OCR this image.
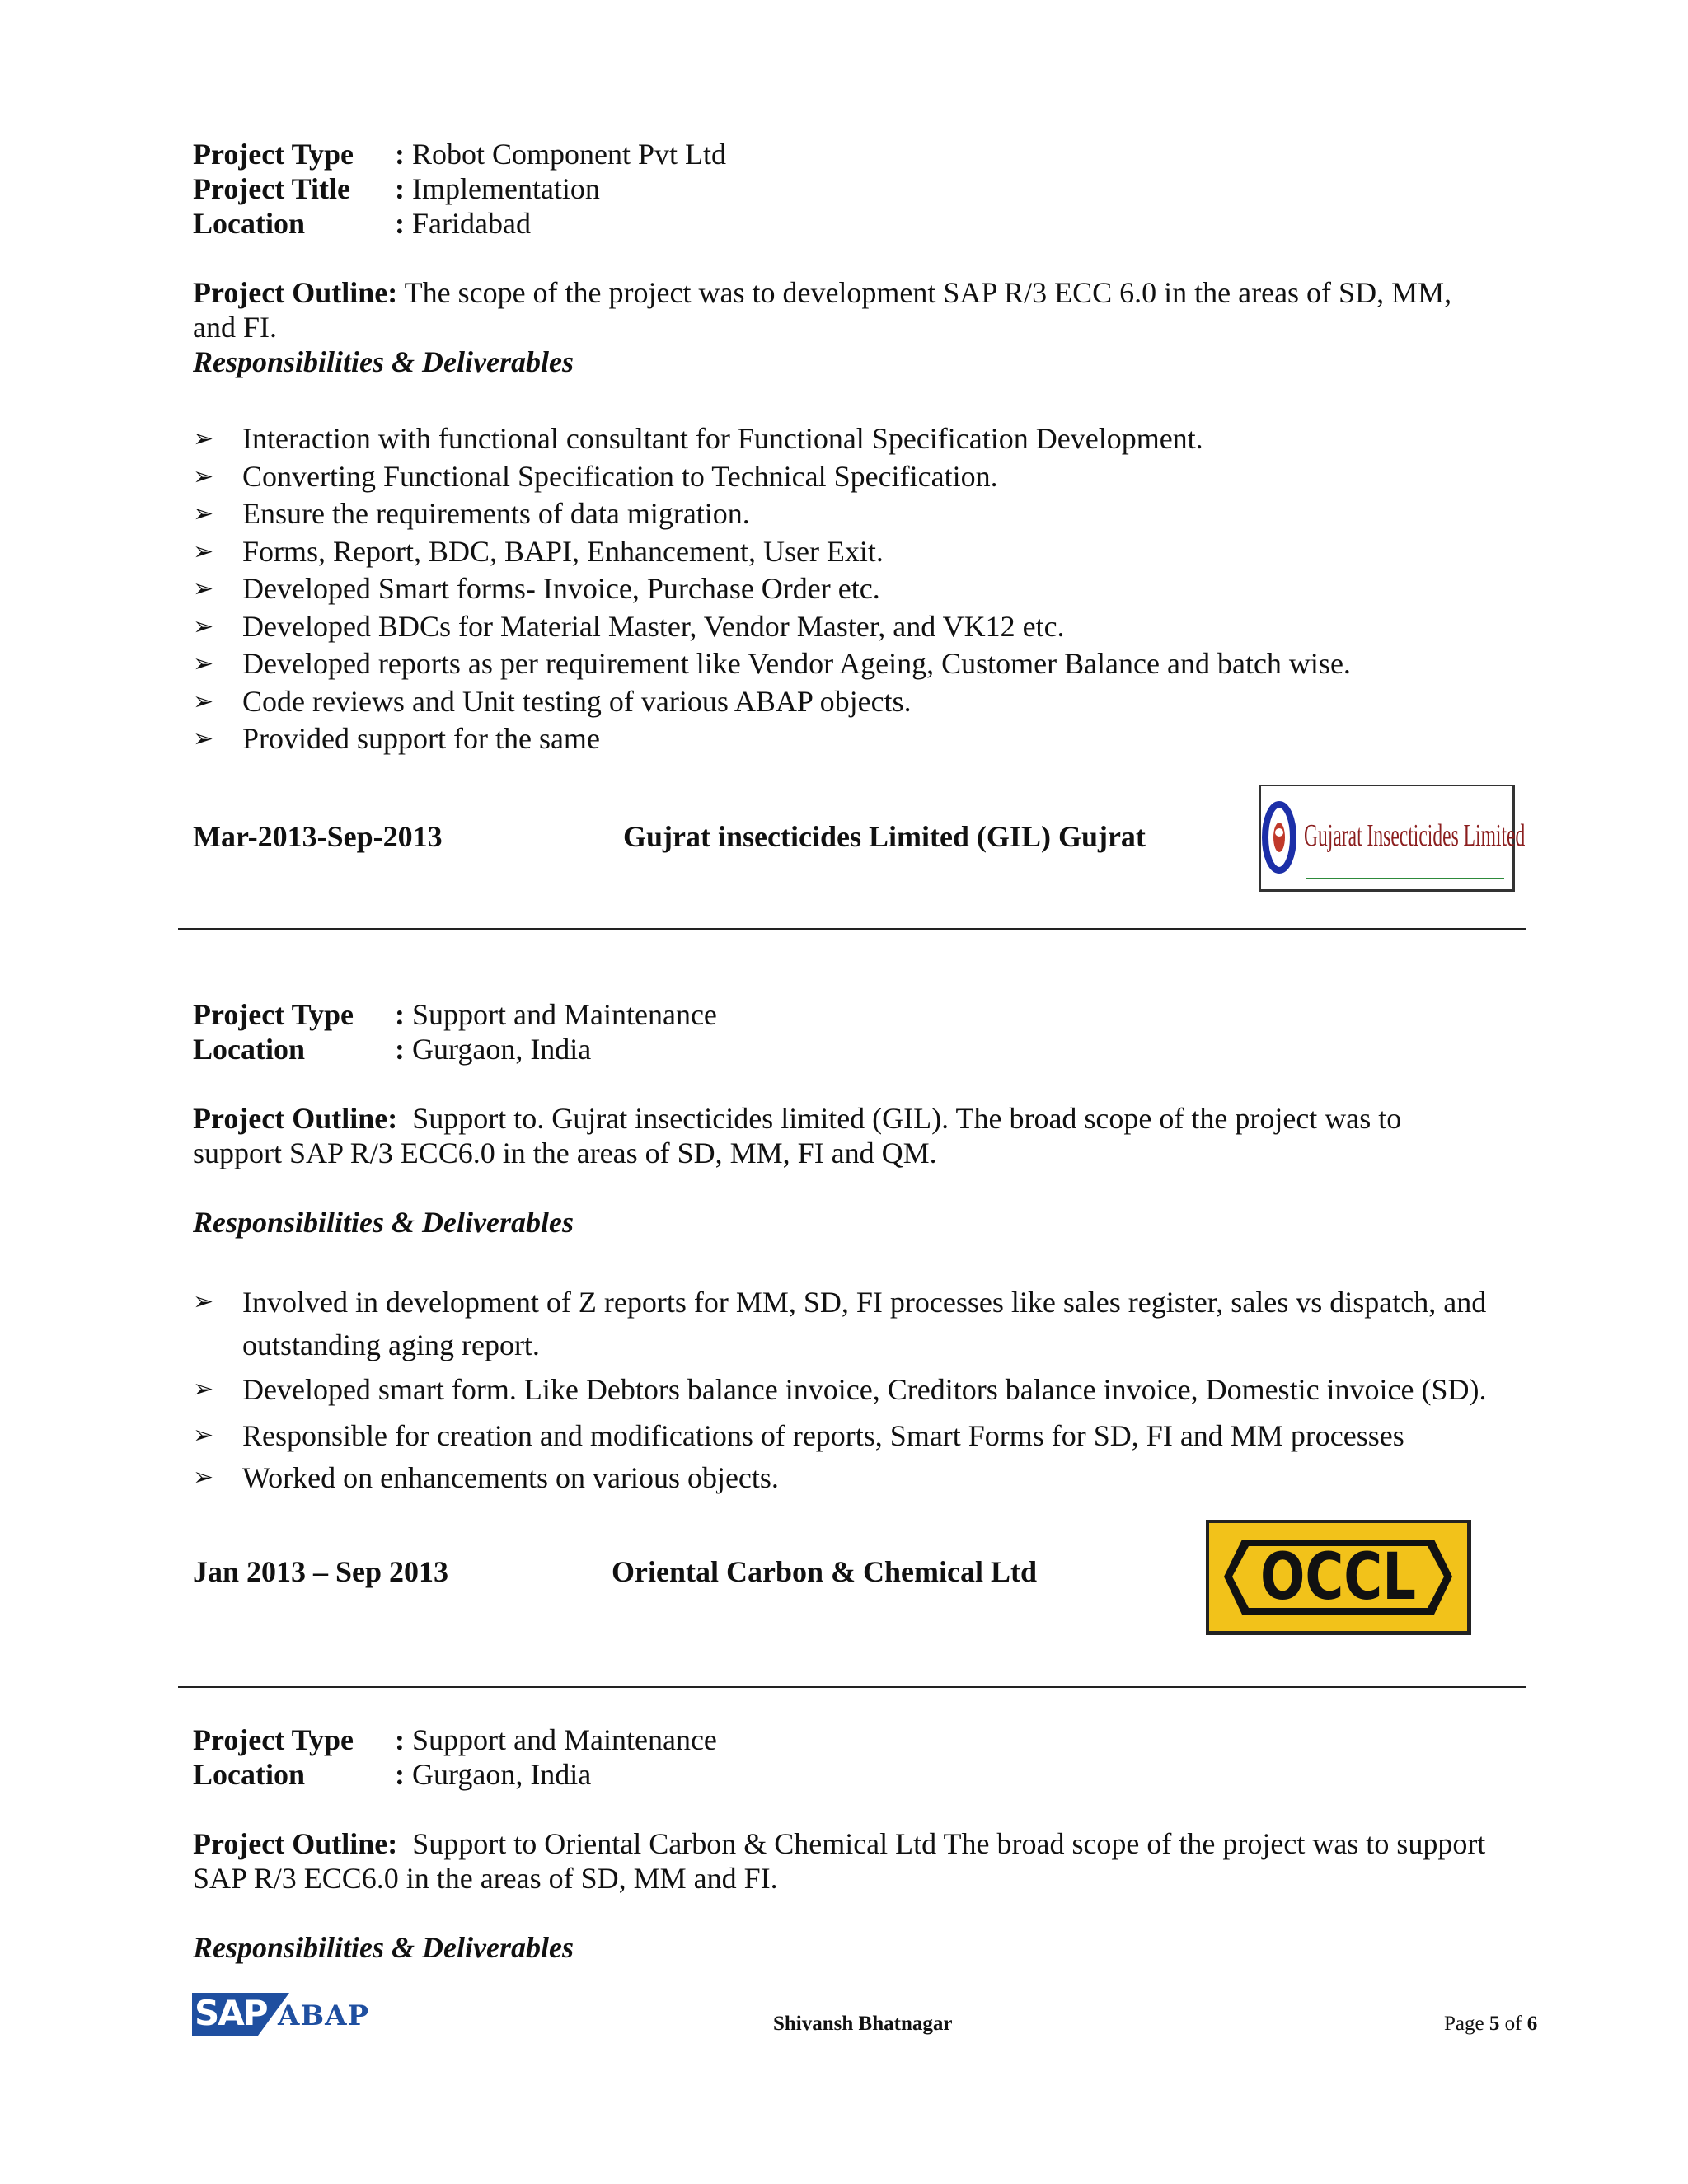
Project Type : Robot Component Pvt Ltd
Project Title : Implementation
Location	: Faridabad
Project Outline: The scope of the project was to development SAP R/3 ECC 6.0 in the areas of SD, MM, and FI.
Responsibilities & Deliverables
➢ Interaction with functional consultant for Functional Specification Development.
➢ Converting Functional Specification to Technical Specification.
➢ Ensure the requirements of data migration.
➢ Forms, Report, BDC, BAPI, Enhancement, User Exit.
➢ Developed Smart forms- Invoice, Purchase Order etc.
➢ Developed BDCs for Material Master, Vendor Master, and VK12 etc.
➢ Developed reports as per requirement like Vendor Ageing, Customer Balance and batch wise.
➢ Code reviews and Unit testing of various ABAP objects.
➢ Provided support for the same
Mar-2013-Sep-2013	Gujrat insecticides Limited (GIL) Gujrat	Gujarat Insecticides Limited
Project Type : Support and Maintenance
Location	: Gurgaon, India
Project Outline: Support to. Gujrat insecticides limited (GIL). The broad scope of the project was to support SAP R/3 ECC6.0 in the areas of SD, MM, FI and QM.
Responsibilities & Deliverables
➢ Involved in development of Z reports for MM, SD, FI processes like sales register, sales vs dispatch, and
outstanding aging report.
➢ Developed smart form. Like Debtors balance invoice, Creditors balance invoice, Domestic invoice (SD).
➢ Responsible for creation and modifications of reports, Smart Forms for SD, FI and MM processes
➢ Worked on enhancements on various objects.
Jan 2013 – Sep 2013	Oriental Carbon & Chemical Ltd	OCCL
Project Type : Support and Maintenance
Location	: Gurgaon, India
Project Outline: Support to Oriental Carbon & Chemical Ltd The broad scope of the project was to support SAP R/3 ECC6.0 in the areas of SD, MM and FI.
Responsibilities & Deliverables
SAP ABAP	Shivansh Bhatnagar	Page 5 of 6
